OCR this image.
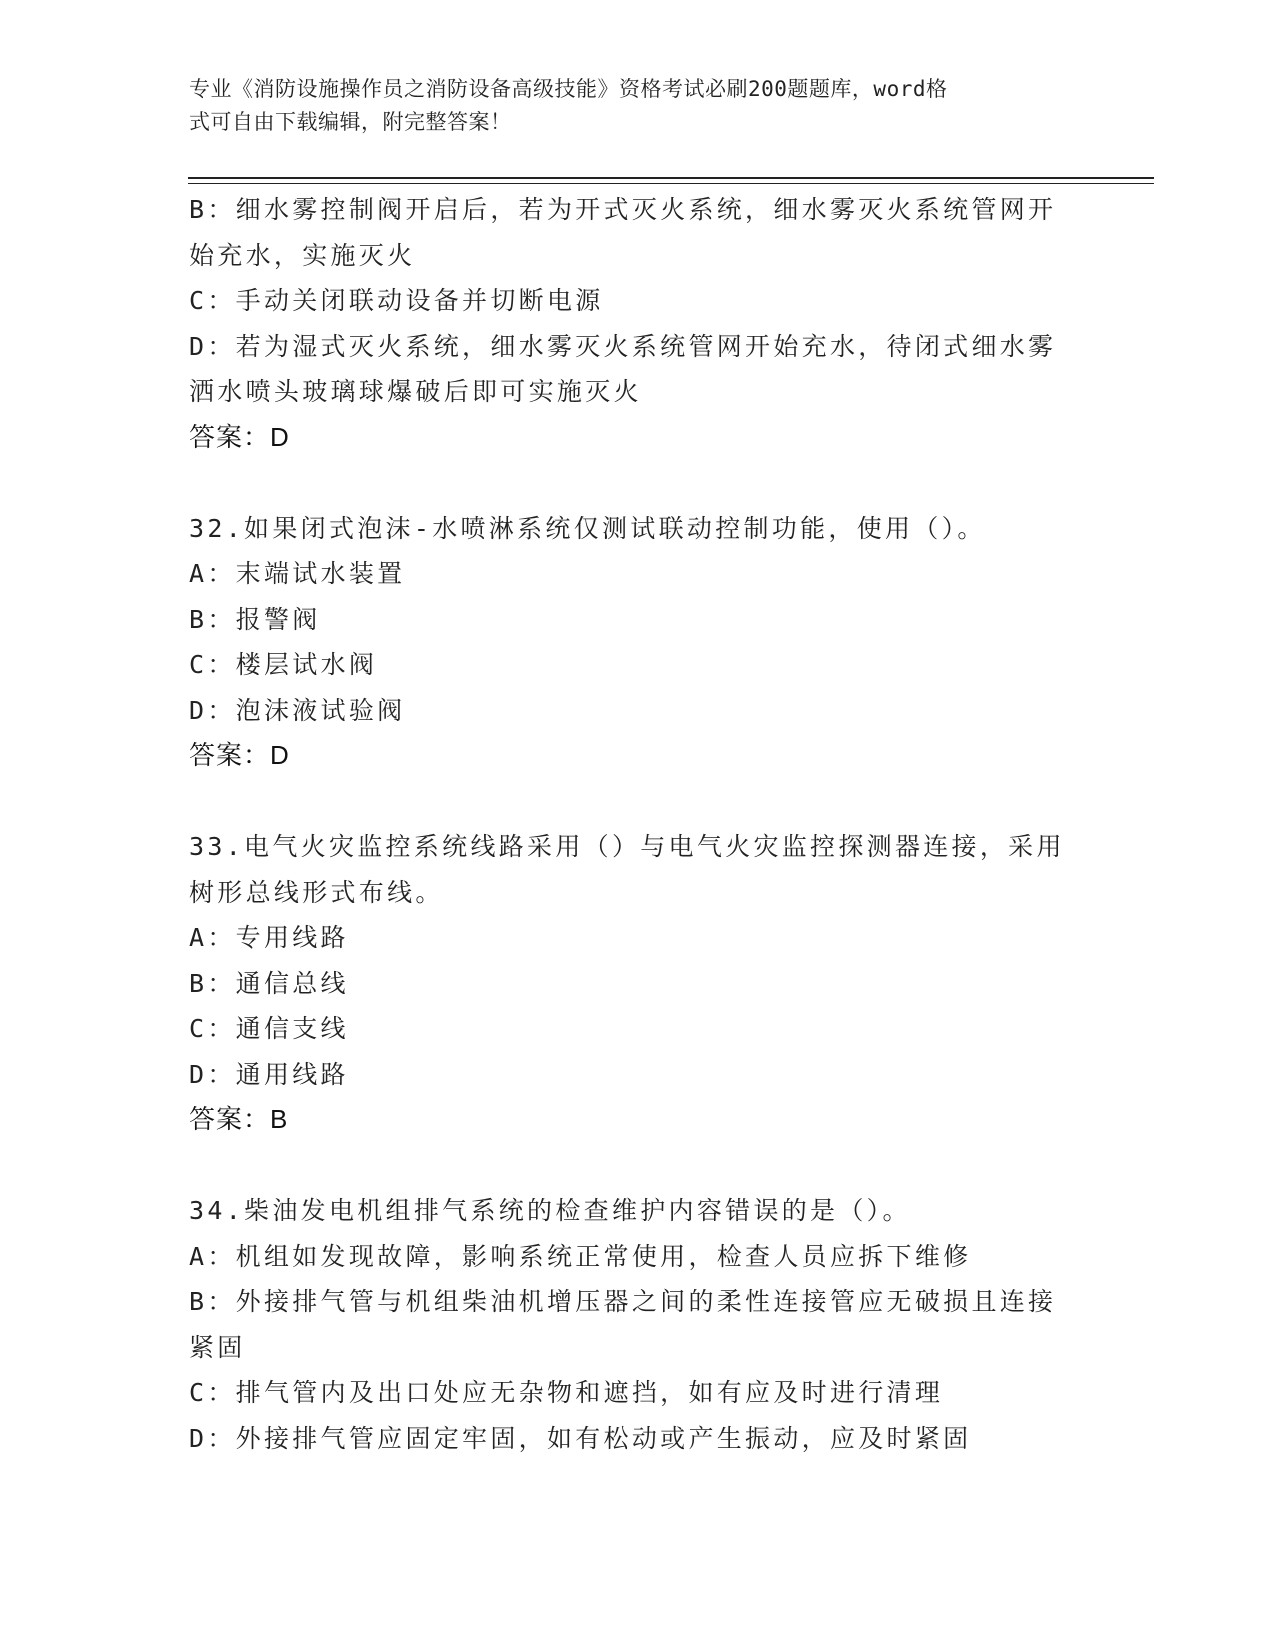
专业《消防设施操作员之消防设备高级技能》资格考试必刷200题题库，word格
式可自由下载编辑，附完整答案！
B：细水雾控制阀开启后，若为开式灭火系统，细水雾灭火系统管网开
始充水，实施灭火
C：手动关闭联动设备并切断电源
D：若为湿式灭火系统，细水雾灭火系统管网开始充水，待闭式细水雾
洒水喷头玻璃球爆破后即可实施灭火
答案：D
32.如果闭式泡沫-水喷淋系统仅测试联动控制功能，使用（）。
A：末端试水装置
B：报警阀
C：楼层试水阀
D：泡沫液试验阀
答案：D
33.电气火灾监控系统线路采用（）与电气火灾监控探测器连接，采用
树形总线形式布线。
A：专用线路
B：通信总线
C：通信支线
D：通用线路
答案：B
34.柴油发电机组排气系统的检查维护内容错误的是（）。
A：机组如发现故障，影响系统正常使用，检查人员应拆下维修
B：外接排气管与机组柴油机增压器之间的柔性连接管应无破损且连接
紧固
C：排气管内及出口处应无杂物和遮挡，如有应及时进行清理
D：外接排气管应固定牢固，如有松动或产生振动，应及时紧固
